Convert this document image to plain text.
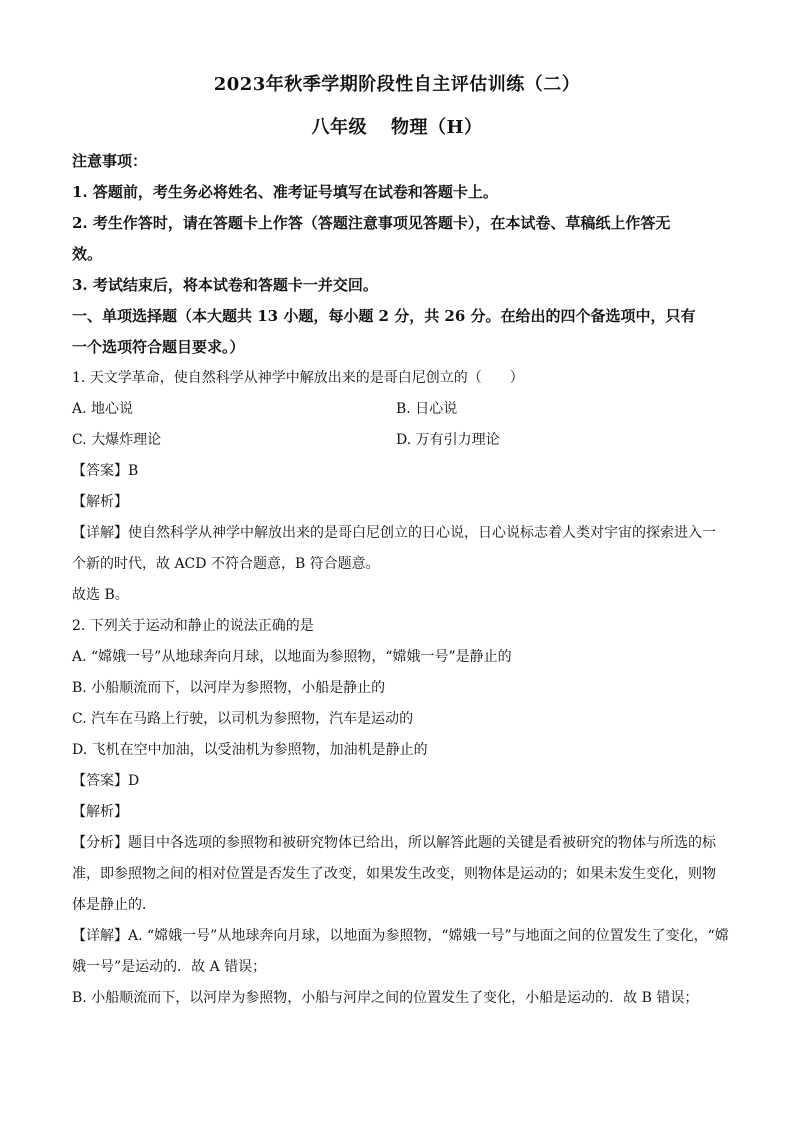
2023年秋季学期阶段性自主评估训练（二）
八年级 物理（H）
注意事项：
1. 答题前，考生务必将姓名、准考证号填写在试卷和答题卡上。
2. 考生作答时，请在答题卡上作答（答题注意事项见答题卡），在本试卷、草稿纸上作答无
效。
3. 考试结束后，将本试卷和答题卡一并交回。
一、单项选择题（本大题共 13 小题，每小题 2 分，共 26 分。在给出的四个备选项中，只有
一个选项符合题目要求。）
1. 天文学革命，使自然科学从神学中解放出来的是哥白尼创立的（　　）
A. 地心说	B. 日心说
C. 大爆炸理论	D. 万有引力理论
【答案】B
【解析】
【详解】使自然科学从神学中解放出来的是哥白尼创立的日心说，日心说标志着人类对宇宙的探索进入一
个新的时代，故 ACD 不符合题意，B 符合题意。
故选 B。
2. 下列关于运动和静止的说法正确的是
A. “嫦娥一号”从地球奔向月球，以地面为参照物，“嫦娥一号”是静止的
B. 小船顺流而下，以河岸为参照物，小船是静止的
C. 汽车在马路上行驶，以司机为参照物，汽车是运动的
D. 飞机在空中加油，以受油机为参照物，加油机是静止的
【答案】D
【解析】
【分析】题目中各选项的参照物和被研究物体已给出，所以解答此题的关键是看被研究的物体与所选的标
准，即参照物之间的相对位置是否发生了改变，如果发生改变，则物体是运动的；如果未发生变化，则物
体是静止的．
【详解】A. “嫦娥一号”从地球奔向月球，以地面为参照物，“嫦娥一号”与地面之间的位置发生了变化，“嫦
娥一号”是运动的．故 A 错误；
B. 小船顺流而下，以河岸为参照物，小船与河岸之间的位置发生了变化，小船是运动的．故 B 错误；
